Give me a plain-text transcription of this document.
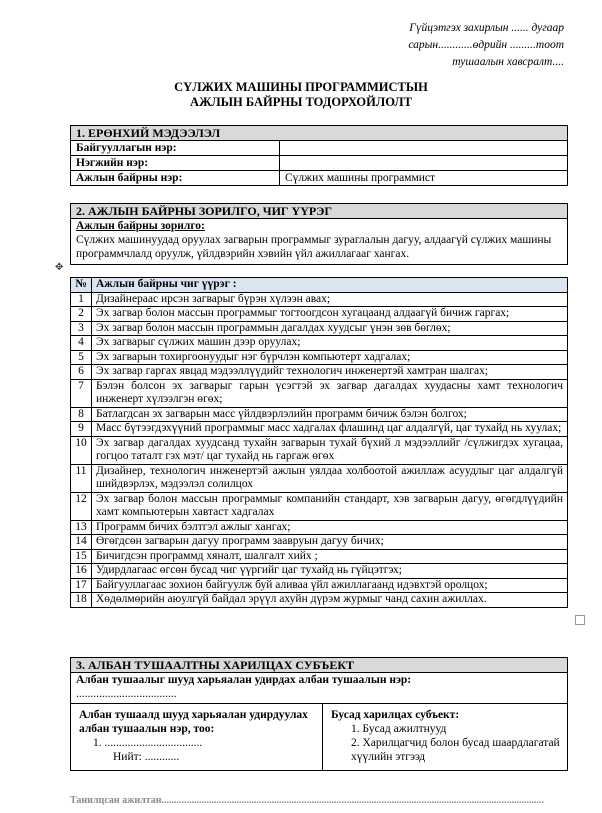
Гүйцэтгэх захирлын ...... дугаар
сарын............өдрийн .........тоот
тушаалын хавсралт....
СҮЛЖИХ МАШИНЫ ПРОГРАММИСТЫН
АЖЛЫН БАЙРНЫ ТОДОРХОЙЛОЛТ
1. ЕРӨНХИЙ МЭДЭЭЛЭЛ
Байгууллагын нэр:
Нэгжийн нэр:
Ажлын байрны нэр:	Сүлжих машины программист
2. АЖЛЫН БАЙРНЫ ЗОРИЛГО, ЧИГ ҮҮРЭГ
Ажлын байрны зорилго:
Сүлжих машинуудад оруулах загварын программыг зураглалын дагуу, алдаагүй сүлжих машины программчлалд оруулж, үйлдвэрийн хэвийн үйл ажиллагааг хангах.
✥
№	Ажлын байрны чиг үүрэг :
1	Дизайнерaac ирсэн загварыг бүрэн хүлээн авах;
2	Эх загвар болон массын программыг тогтоогдсон хугацаанд алдаагүй бичиж гаргах;
3	Эх загвар болон массын программын дагалдах хуудсыг үнэн зөв бөглөх;
4	Эх загварыг сүлжих машин дээр оруулах;
5	Эх загварын тохиргоонуудыг нэг бүрчлэн компьютерт хадгалах;
6	Эх загвар гаргах явцад мэдээллүүдийг технологич инженертэй хамтран шалгах;
7	Бэлэн болсон эх загварыг гарын үсэгтэй эх загвар дагалдах хуудасны хамт технологич инженерт хүлээлгэн өгөх;
8	Батлагдсан эх загварын масс үйлдвэрлэлийн программ бичиж бэлэн болгох;
9	Масс бүтээгдэхүүний программыг масс хадгалах флашинд цаг алдалгүй, цаг тухайд нь хуулах;
10	Эх загвар дагалдах хуудсанд тухайн загварын тухай бүхий л мэдээллийг /сүлжигдэх хугацаа, гогцоо таталт гэх мэт/ цаг тухайд нь гаргаж өгөх
11	Дизайнер, технологич инженертэй ажлын уялдаа холбоотой ажиллаж асуудлыг цаг алдалгүй шийдвэрлэх, мэдээлэл солилцох
12	Эх загвар болон массын программыг компанийн стандарт, хэв загварын дагуу, өгөгдлүүдийн хамт компьютерын хавтаст хадгалах
13	Программ бичих бэлтгэл ажлыг хангах;
14	Өгөгдсөн загварын дагуу программ заавруын дагуу бичих;
15	Бичигдсэн программд хяналт, шалгалт хийх ;
16	Удирдлагаас өгсөн бусад чиг үүргийг цаг тухайд нь гүйцэтгэх;
17	Байгууллагаас зохион байгуулж буй аливаа үйл ажиллагаанд идэвхтэй оролцох;
18	Хөдөлмөрийн аюулгүй байдал эрүүл ахуйн дүрэм журмыг чанд сахин ажиллах.
3. АЛБАН ТУШААЛТНЫ ХАРИЛЦАХ СУБЪЕКТ
Албан тушаалыг шууд харьяалан удирдах албан тушаалын нэр:
...................................
Албан тушаалд шууд харьяалан удирдуулах албан тушаалын нэр, тоо:
1. ..................................
Нийт: ............
Бусад харилцах субъект:
1. Бусад ажилтнууд
2. Харилцагчид болон бусад шаардлагатай хүүлийн этгээд
Танилцсан ажилтан.........................................................................................................................................................
